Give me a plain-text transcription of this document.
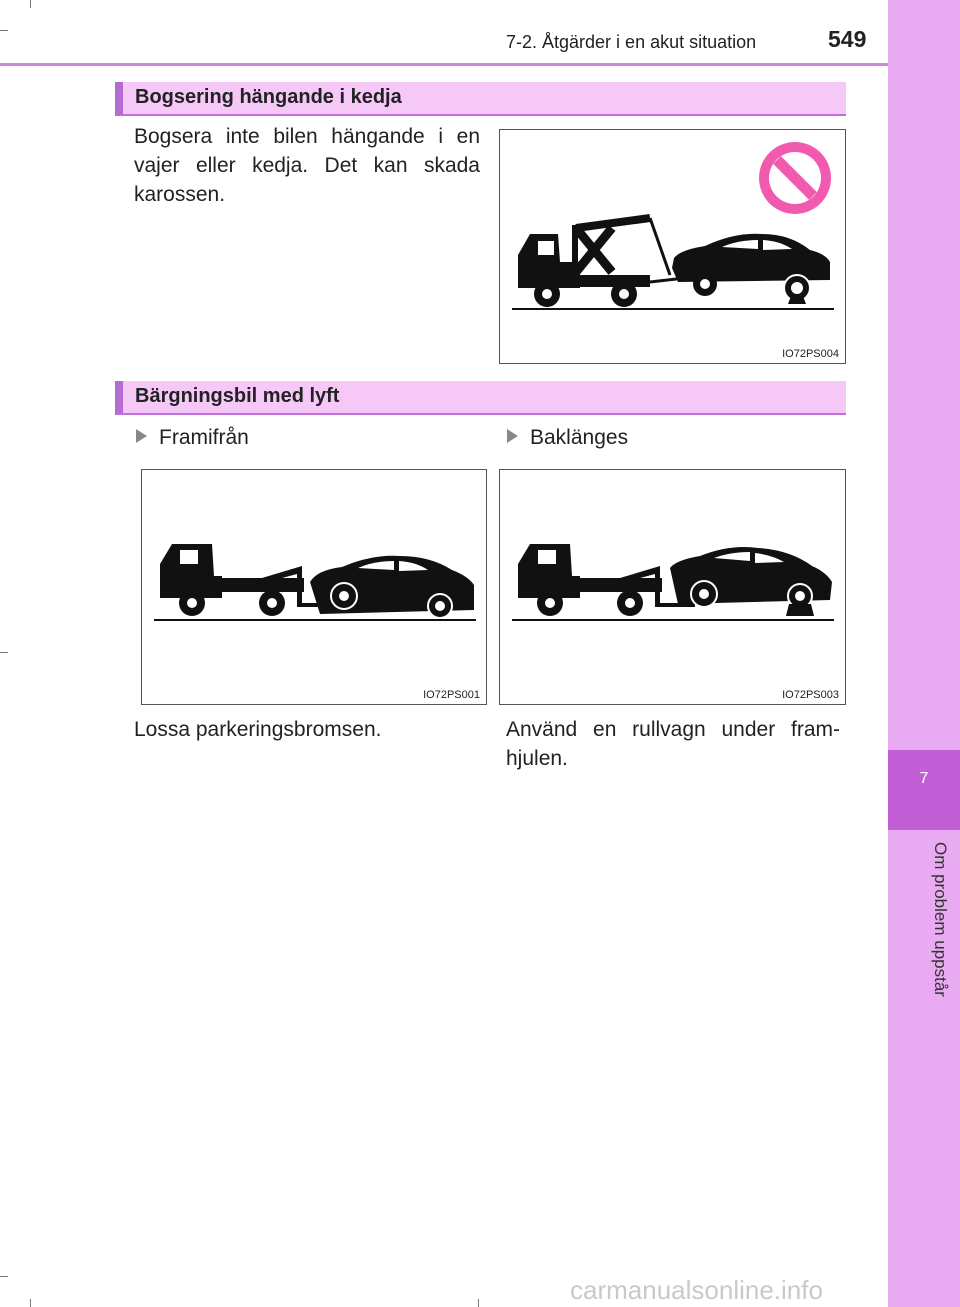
7
Om problem uppstår
7-2. Åtgärder i en akut situation	549
Bogsering hängande i kedja
Bogsera inte bilen hängande i en vajer eller kedja. Det kan skada karossen.
IO72PS004
Bärgningsbil med lyft
Framifrån	Baklänges
IO72PS001	IO72PS003
Lossa parkeringsbromsen.	Använd en rullvagn under fram-hjulen.
carmanualsonline.info
